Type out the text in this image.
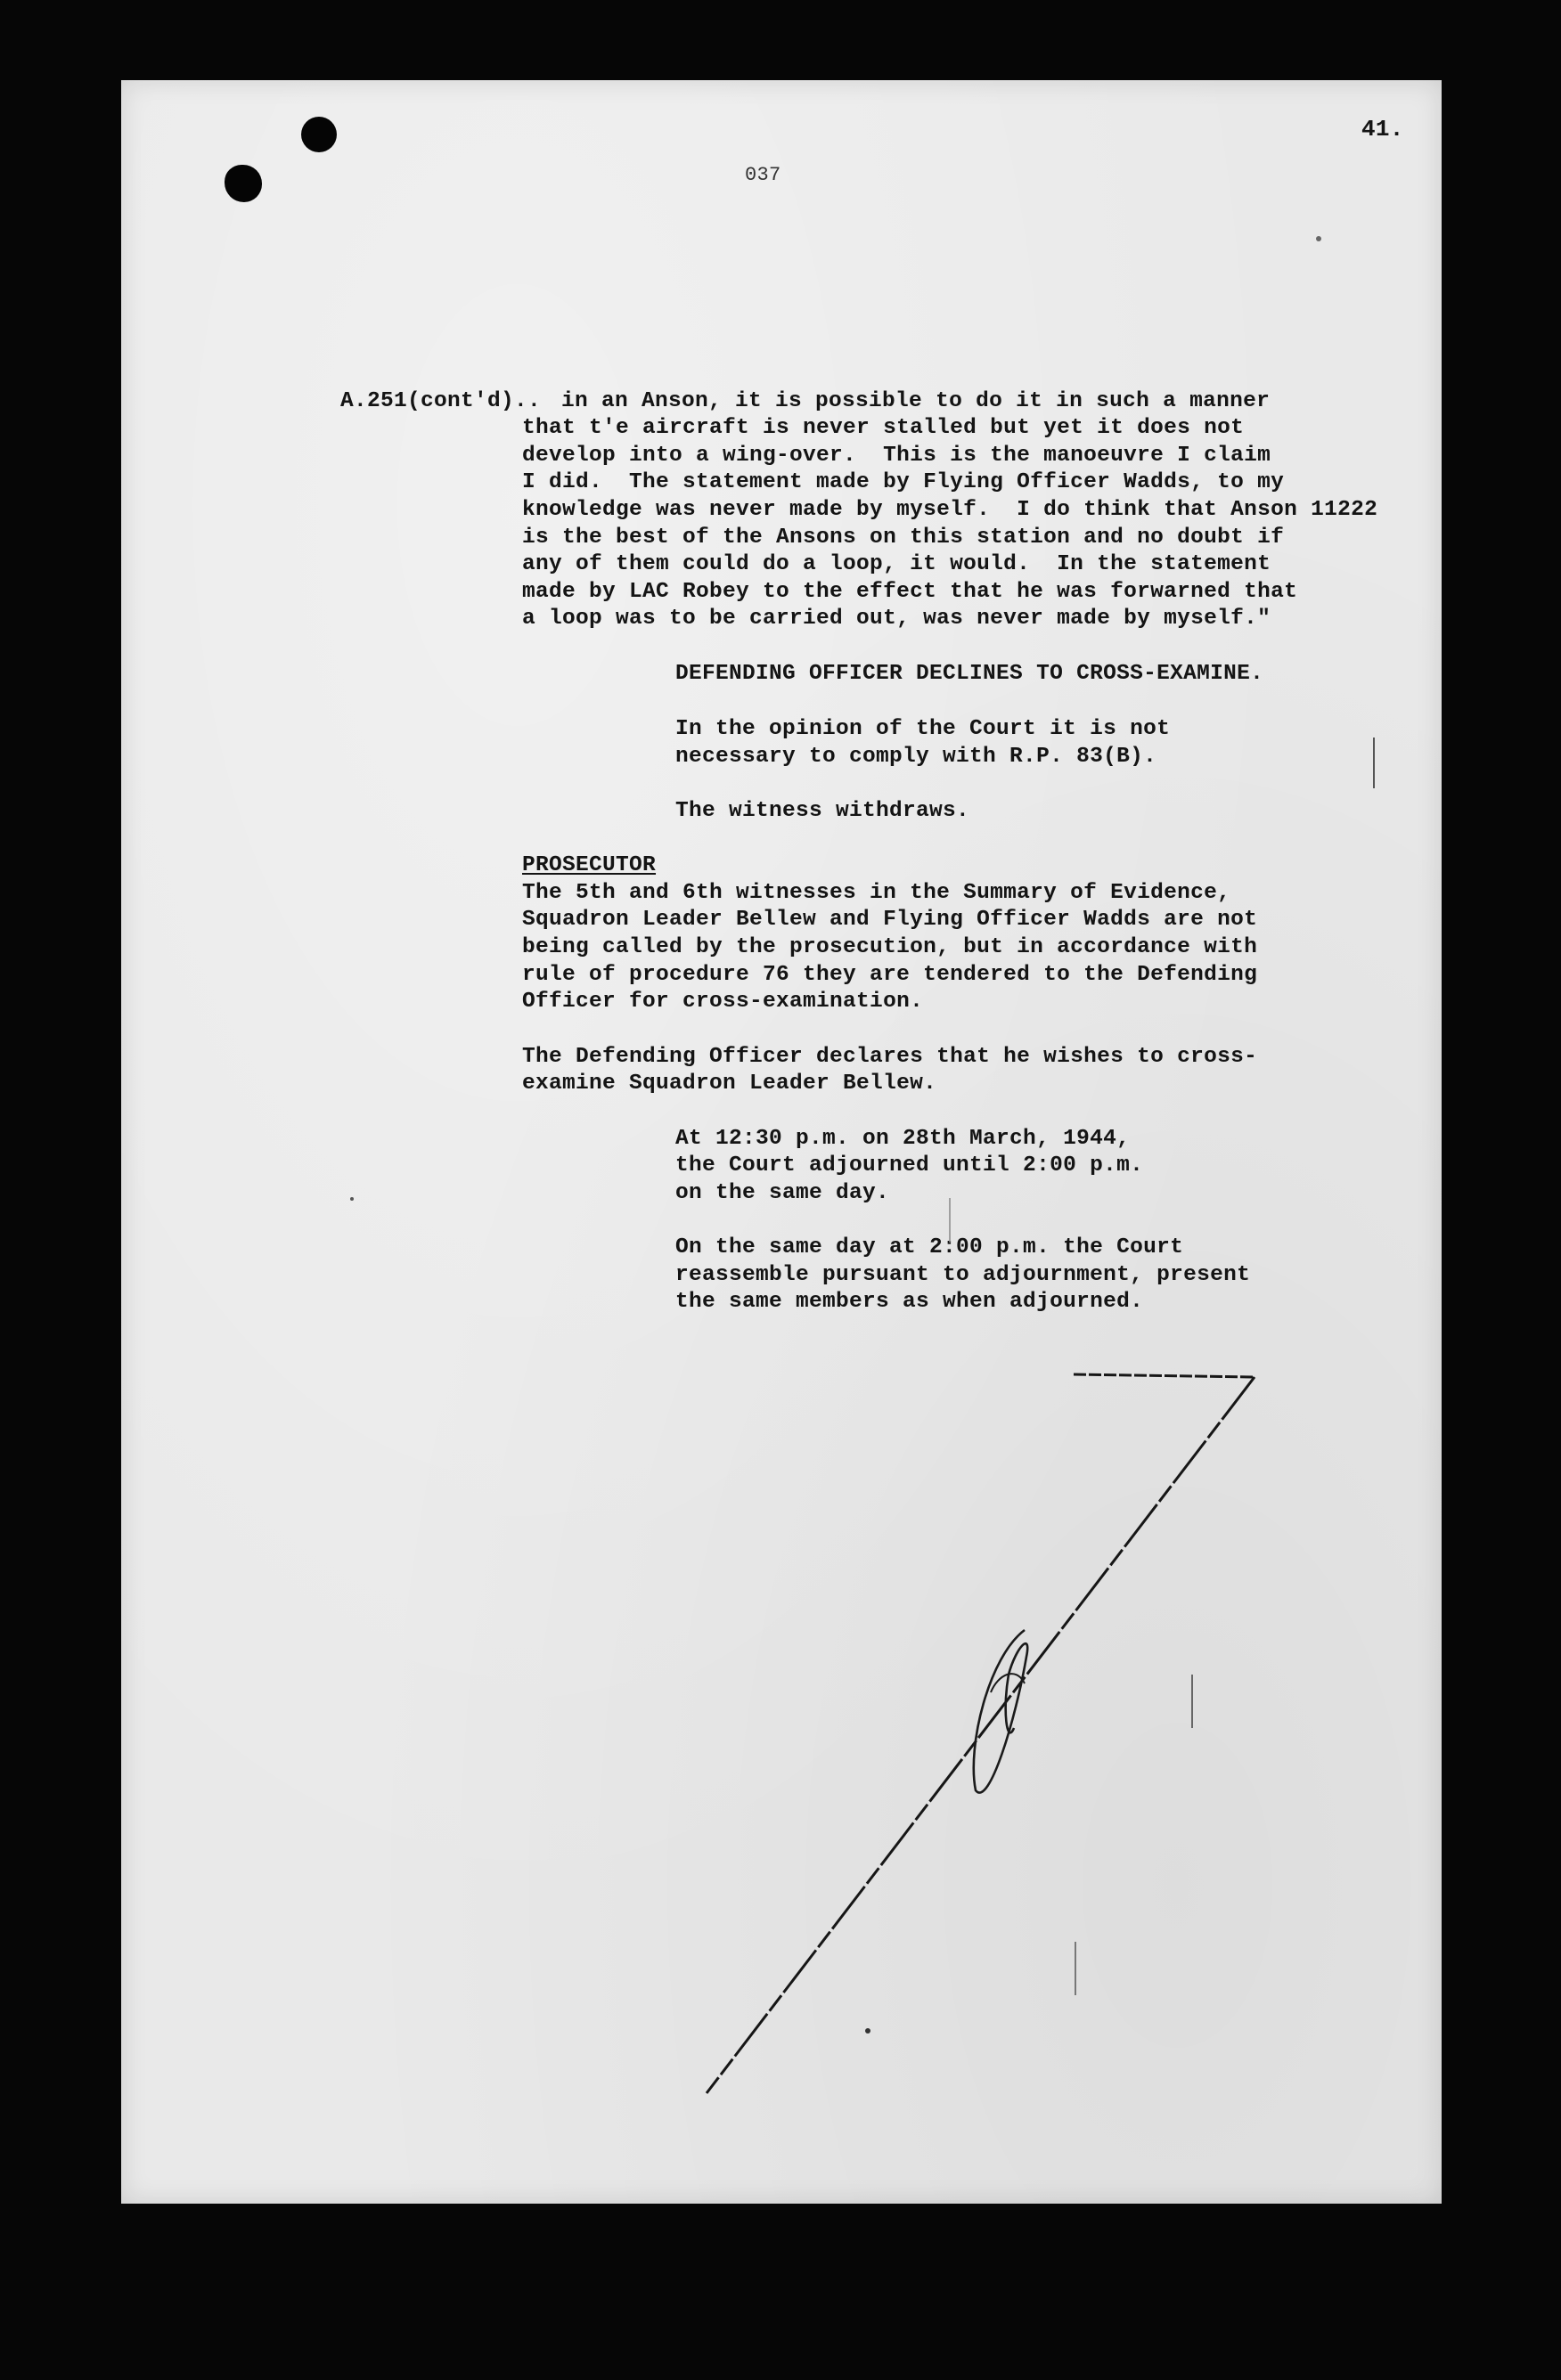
41.
037
A.251(cont'd).. in an Anson, it is possible to do it in such a manner
that t'e aircraft is never stalled but yet it does not
develop into a wing-over.  This is the manoeuvre I claim
I did.  The statement made by Flying Officer Wadds, to my
knowledge was never made by myself.  I do think that Anson 11222
is the best of the Ansons on this station and no doubt if
any of them could do a loop, it would.  In the statement
made by LAC Robey to the effect that he was forwarned that
a loop was to be carried out, was never made by myself."
DEFENDING OFFICER DECLINES TO CROSS-EXAMINE.
In the opinion of the Court it is not
necessary to comply with R.P. 83(B).
The witness withdraws.
PROSECUTOR
The 5th and 6th witnesses in the Summary of Evidence,
Squadron Leader Bellew and Flying Officer Wadds are not
being called by the prosecution, but in accordance with
rule of procedure 76 they are tendered to the Defending
Officer for cross-examination.
The Defending Officer declares that he wishes to cross-
examine Squadron Leader Bellew.
At 12:30 p.m. on 28th March, 1944,
the Court adjourned until 2:00 p.m.
on the same day.
On the same day at 2:00 p.m. the Court
reassemble pursuant to adjournment, present
the same members as when adjourned.
